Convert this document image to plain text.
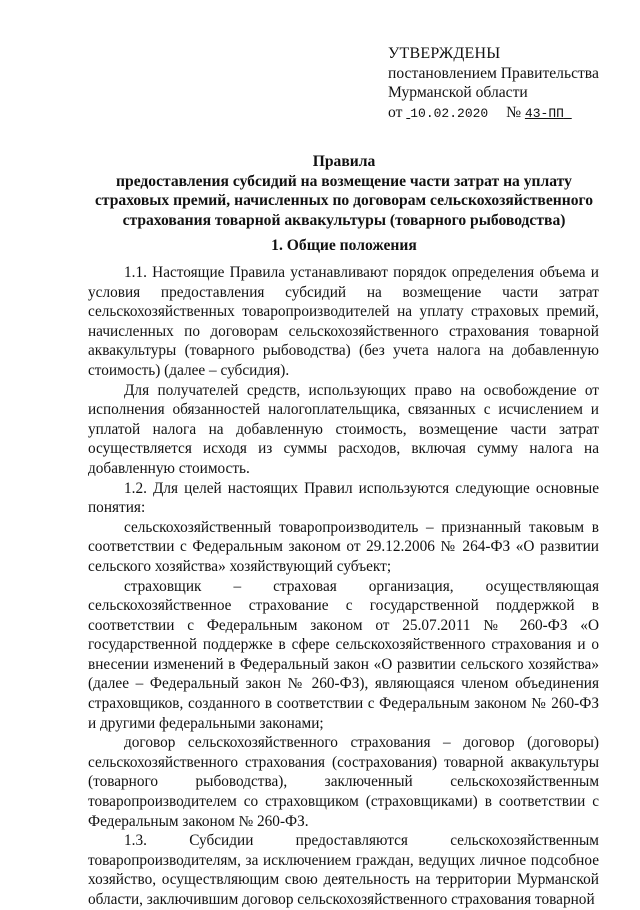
УТВЕРЖДЕНЫ
постановлением Правительства
Мурманской области
от 10.02.2020 № 43-ПП
Правила
предоставления субсидий на возмещение части затрат на уплату
страховых премий, начисленных по договорам сельскохозяйственного
страхования товарной аквакультуры (товарного рыбоводства)
1. Общие положения

1.1. Настоящие Правила устанавливают порядок определения объема и условия предоставления субсидий на возмещение части затрат сельскохозяйственных товаропроизводителей на уплату страховых премий, начисленных по договорам сельскохозяйственного страхования товарной аквакультуры (товарного рыбоводства) (без учета налога на добавленную стоимость) (далее – субсидия).

Для получателей средств, использующих право на освобождение от исполнения обязанностей налогоплательщика, связанных с исчислением и уплатой налога на добавленную стоимость, возмещение части затрат осуществляется исходя из суммы расходов, включая сумму налога на добавленную стоимость.

1.2. Для целей настоящих Правил используются следующие основные понятия:

сельскохозяйственный товаропроизводитель – признанный таковым в соответствии с Федеральным законом от 29.12.2006 № 264-ФЗ «О развитии сельского хозяйства» хозяйствующий субъект;

страховщик – страховая организация, осуществляющая сельскохозяйственное страхование с государственной поддержкой в соответствии с Федеральным законом от 25.07.2011 № 260-ФЗ «О государственной поддержке в сфере сельскохозяйственного страхования и о внесении изменений в Федеральный закон «О развитии сельского хозяйства» (далее – Федеральный закон № 260-ФЗ), являющаяся членом объединения страховщиков, созданного в соответствии с Федеральным законом № 260-ФЗ и другими федеральными законами;

договор сельскохозяйственного страхования – договор (договоры) сельскохозяйственного страхования (сострахования) товарной аквакультуры (товарного рыбоводства), заключенный сельскохозяйственным товаропроизводителем со страховщиком (страховщиками) в соответствии с Федеральным законом № 260-ФЗ.

1.3. Субсидии предоставляются сельскохозяйственным товаропроизводителям, за исключением граждан, ведущих личное подсобное хозяйство, осуществляющим свою деятельность на территории Мурманской области, заключившим договор сельскохозяйственного страхования товарной
